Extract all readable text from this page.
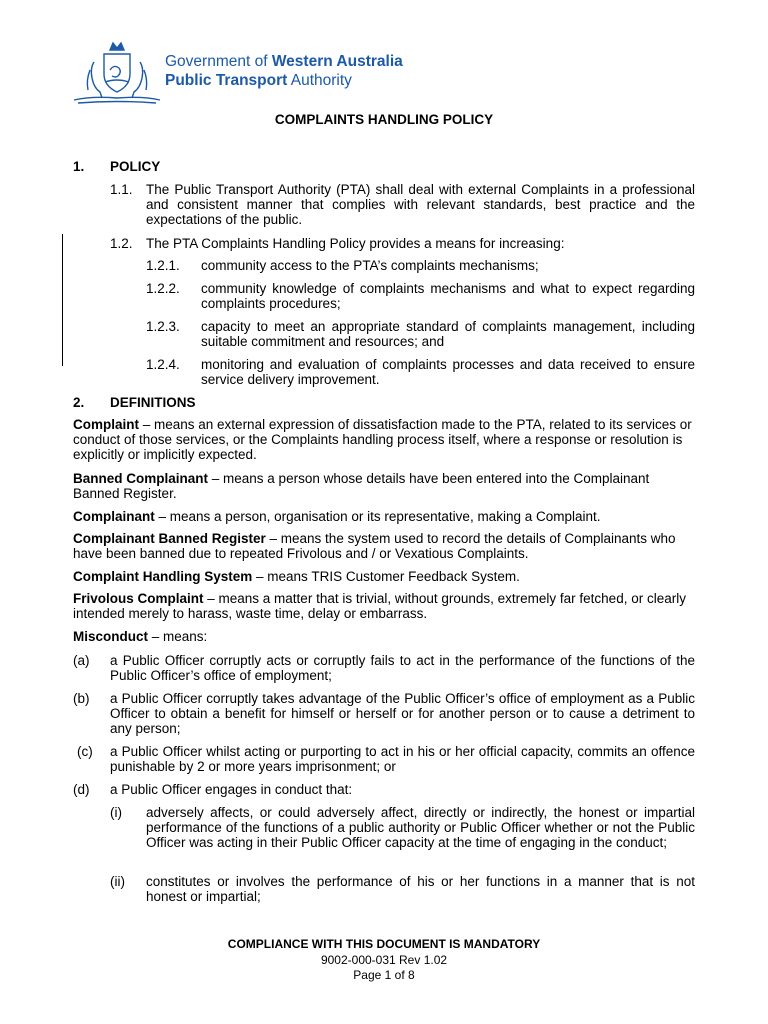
Government of Western Australia
Public Transport Authority
COMPLAINTS HANDLING POLICY
1. POLICY
1.1. The Public Transport Authority (PTA) shall deal with external Complaints in a professional and consistent manner that complies with relevant standards, best practice and the expectations of the public.
1.2. The PTA Complaints Handling Policy provides a means for increasing:
1.2.1. community access to the PTA’s complaints mechanisms;
1.2.2. community knowledge of complaints mechanisms and what to expect regarding complaints procedures;
1.2.3. capacity to meet an appropriate standard of complaints management, including suitable commitment and resources; and
1.2.4. monitoring and evaluation of complaints processes and data received to ensure service delivery improvement.
2. DEFINITIONS
Complaint – means an external expression of dissatisfaction made to the PTA, related to its services or conduct of those services, or the Complaints handling process itself, where a response or resolution is explicitly or implicitly expected.
Banned Complainant – means a person whose details have been entered into the Complainant Banned Register.
Complainant – means a person, organisation or its representative, making a Complaint.
Complainant Banned Register – means the system used to record the details of Complainants who have been banned due to repeated Frivolous and / or Vexatious Complaints.
Complaint Handling System – means TRIS Customer Feedback System.
Frivolous Complaint – means a matter that is trivial, without grounds, extremely far fetched, or clearly intended merely to harass, waste time, delay or embarrass.
Misconduct – means:
(a) a Public Officer corruptly acts or corruptly fails to act in the performance of the functions of the Public Officer’s office of employment;
(b) a Public Officer corruptly takes advantage of the Public Officer’s office of employment as a Public Officer to obtain a benefit for himself or herself or for another person or to cause a detriment to any person;
(c) a Public Officer whilst acting or purporting to act in his or her official capacity, commits an offence punishable by 2 or more years imprisonment; or
(d) a Public Officer engages in conduct that:
(i) adversely affects, or could adversely affect, directly or indirectly, the honest or impartial performance of the functions of a public authority or Public Officer whether or not the Public Officer was acting in their Public Officer capacity at the time of engaging in the conduct;
(ii) constitutes or involves the performance of his or her functions in a manner that is not honest or impartial;
COMPLIANCE WITH THIS DOCUMENT IS MANDATORY
9002-000-031 Rev 1.02
Page 1 of 8
